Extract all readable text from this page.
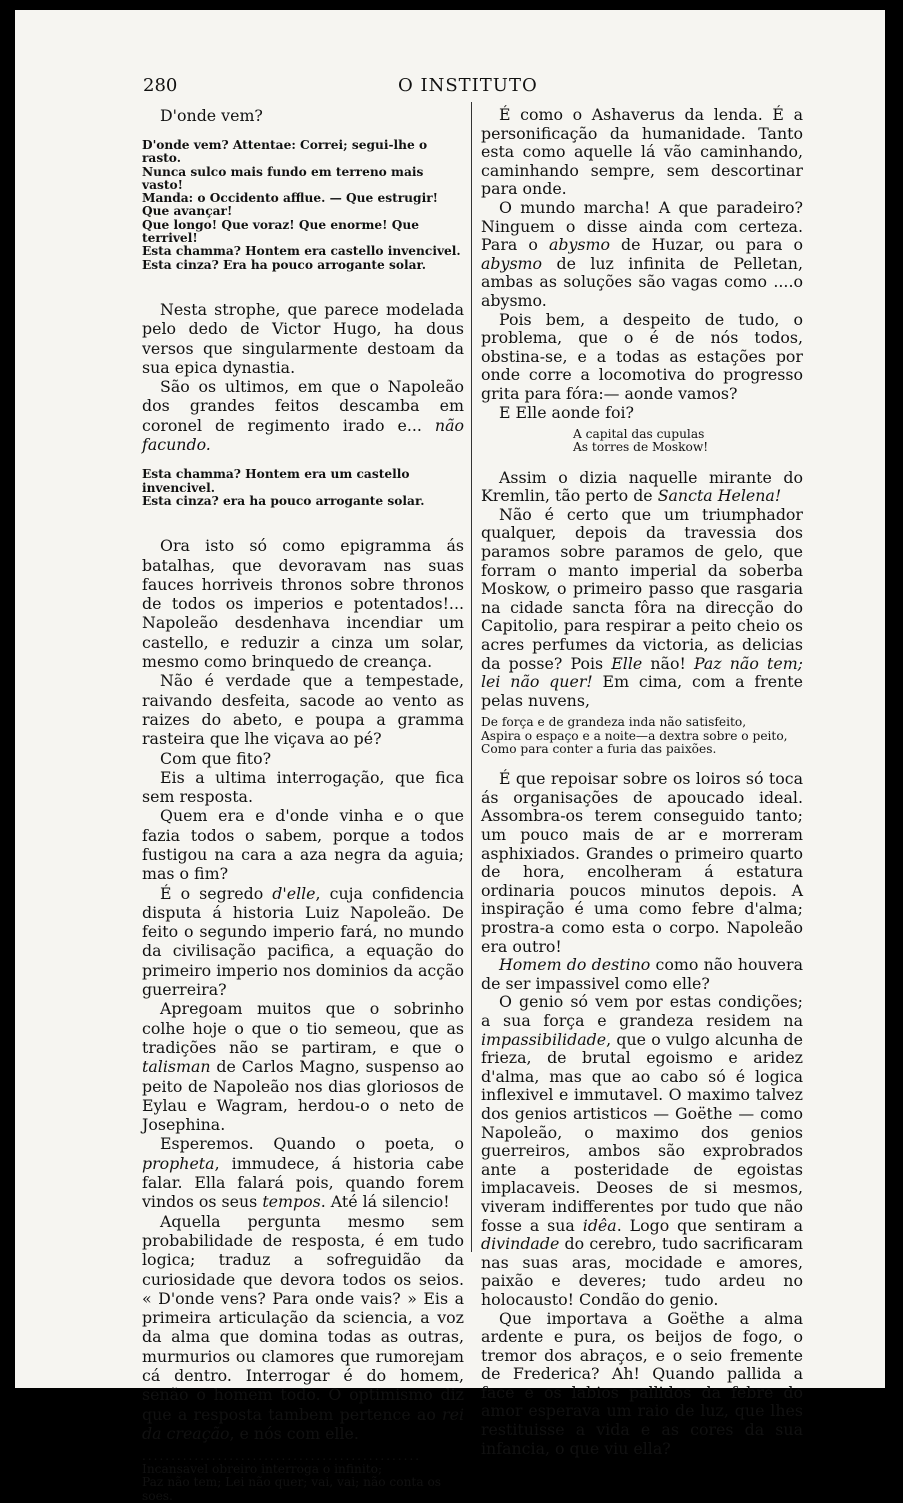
280	O INSTITUTO

D'onde vem?

D'onde vem? Attentae: Correi; segui-lhe o rasto.

Nunca sulco mais fundo em terreno mais vasto!

Manda: o Occidento afflue. — Que estrugir! Que avançar!

Que longo! Que voraz! Que enorme! Que terrivel!

Esta chamma? Hontem era castello invencivel.

Esta cinza? Era ha pouco arrogante solar.

Nesta strophe, que parece modelada pelo dedo de Victor Hugo, ha dous versos que singularmente destoam da sua epica dynastia.

São os ultimos, em que o Napoleão dos grandes feitos descamba em coronel de regimento irado e... não facundo.

Esta chamma? Hontem era um castello invencivel.

Esta cinza? era ha pouco arrogante solar.

Ora isto só como epigramma ás batalhas, que devoravam nas suas fauces horriveis thronos sobre thronos de todos os imperios e potentados!... Napoleão desdenhava incendiar um castello, e reduzir a cinza um solar, mesmo como brinquedo de creança.

Não é verdade que a tempestade, raivando desfeita, sacode ao vento as raizes do abeto, e poupa a gramma rasteira que lhe viçava ao pé?

Com que fito?

Eis a ultima interrogação, que fica sem resposta.

Quem era e d'onde vinha e o que fazia todos o sabem, porque a todos fustigou na cara a aza negra da aguia; mas o fim?

É o segredo d'elle, cuja confidencia disputa á historia Luiz Napoleão. De feito o segundo imperio fará, no mundo da civilisação pacifica, a equação do primeiro imperio nos dominios da acção guerreira?

Apregoam muitos que o sobrinho colhe hoje o que o tio semeou, que as tradições não se partiram, e que o talisman de Carlos Magno, suspenso ao peito de Napoleão nos dias gloriosos de Eylau e Wagram, herdou-o o neto de Josephina.

Esperemos. Quando o poeta, o propheta, immudece, á historia cabe falar. Ella falará pois, quando forem vindos os seus tempos. Até lá silencio!

Aquella pergunta mesmo sem probabilidade de resposta, é em tudo logica; traduz a sofreguidão da curiosidade que devora todos os seios. « D'onde vens? Para onde vais? » Eis a primeira articulação da sciencia, a voz da alma que domina todas as outras, murmurios ou clamores que rumorejam cá dentro. Interrogar é do homem, senão o homem todo. O optimismo diz que a resposta tambem pertence ao rei da creação, e nós com elle.

................................................

Incansavel obreiro interroga o infinito;

Paz não tem; Lei não quer; vai, vai; não conta os soes.

É como o Ashaverus da lenda. É a personificação da humanidade. Tanto esta como aquelle lá vão caminhando, caminhando sempre, sem descortinar para onde.

O mundo marcha! A que paradeiro? Ninguem o disse ainda com certeza. Para o abysmo de Huzar, ou para o abysmo de luz infinita de Pelletan, ambas as soluções são vagas como ....o abysmo.

Pois bem, a despeito de tudo, o problema, que o é de nós todos, obstina-se, e a todas as estações por onde corre a locomotiva do progresso grita para fóra:— aonde vamos?

E Elle aonde foi?

A capital das cupulas

As torres de Moskow!

Assim o dizia naquelle mirante do Kremlin, tão perto de Sancta Helena!

Não é certo que um triumphador qualquer, depois da travessia dos paramos sobre paramos de gelo, que forram o manto imperial da soberba Moskow, o primeiro passo que rasgaria na cidade sancta fôra na direcção do Capitolio, para respirar a peito cheio os acres perfumes da victoria, as delicias da posse? Pois Elle não! Paz não tem; lei não quer! Em cima, com a frente pelas nuvens,

De força e de grandeza inda não satisfeito,

Aspira o espaço e a noite—a dextra sobre o peito,

Como para conter a furia das paixões.

É que repoisar sobre os loiros só toca ás organisações de apoucado ideal. Assombra-os terem conseguido tanto; um pouco mais de ar e morreram asphixiados. Grandes o primeiro quarto de hora, encolheram á estatura ordinaria poucos minutos depois. A inspiração é uma como febre d'alma; prostra-a como esta o corpo. Napoleão era outro!

Homem do destino como não houvera de ser impassivel como elle?

O genio só vem por estas condições; a sua força e grandeza residem na impassibilidade, que o vulgo alcunha de frieza, de brutal egoismo e aridez d'alma, mas que ao cabo só é logica inflexivel e immutavel. O maximo talvez dos genios artisticos — Goëthe — como Napoleão, o maximo dos genios guerreiros, ambos são exprobrados ante a posteridade de egoistas implacaveis. Deoses de si mesmos, viveram indifferentes por tudo que não fosse a sua idêa. Logo que sentiram a divindade do cerebro, tudo sacrificaram nas suas aras, mocidade e amores, paixão e deveres; tudo ardeu no holocausto! Condão do genio.

Que importava a Goëthe a alma ardente e pura, os beijos de fogo, o tremor dos abraços, e o seio fremente de Frederica? Ah! Quando pallida a face e os labios pallidos da febre do amor esperava um raio de luz, que lhes restituisse a vida e as cores da sua infancia, o que viu ella?
